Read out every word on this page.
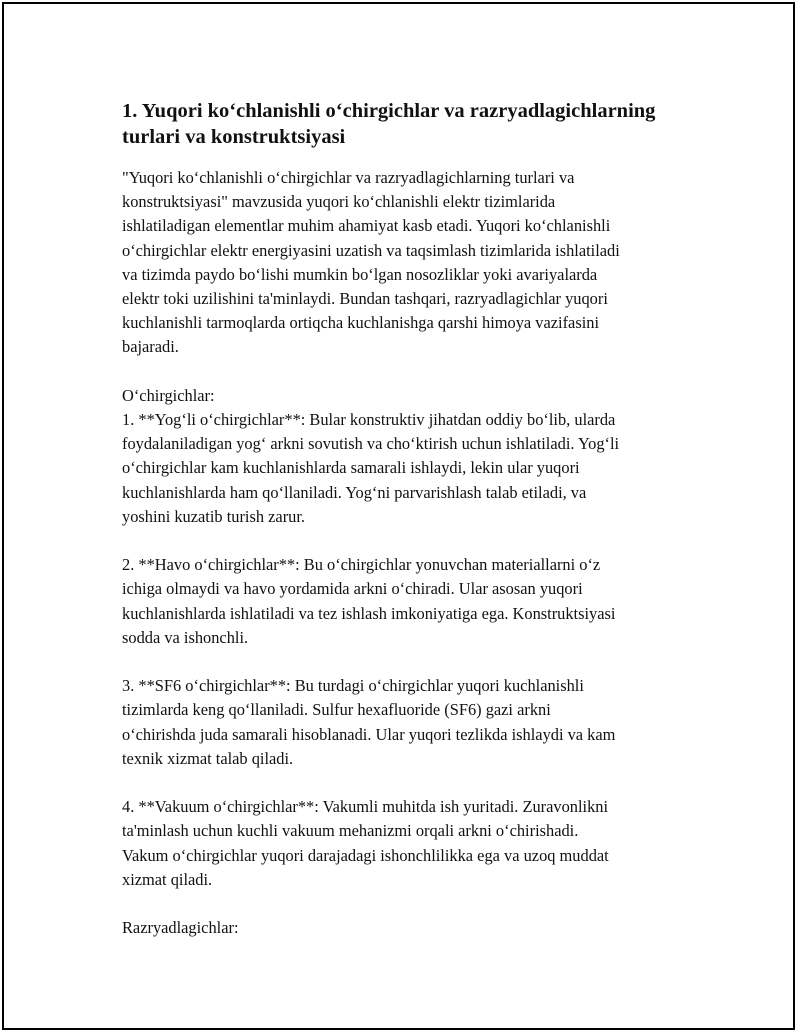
1. Yuqori ko‘chlanishli o‘chirgichlar va razryadlagichlarning
turlari va konstruktsiyasi

"Yuqori ko‘chlanishli o‘chirgichlar va razryadlagichlarning turlari va
konstruktsiyasi" mavzusida yuqori ko‘chlanishli elektr tizimlarida
ishlatiladigan elementlar muhim ahamiyat kasb etadi. Yuqori ko‘chlanishli
o‘chirgichlar elektr energiyasini uzatish va taqsimlash tizimlarida ishlatiladi
va tizimda paydo bo‘lishi mumkin bo‘lgan nosozliklar yoki avariyalarda
elektr toki uzilishini ta'minlaydi. Bundan tashqari, razryadlagichlar yuqori
kuchlanishli tarmoqlarda ortiqcha kuchlanishga qarshi himoya vazifasini
bajaradi.

O‘chirgichlar:
1. **Yog‘li o‘chirgichlar**: Bular konstruktiv jihatdan oddiy bo‘lib, ularda
foydalaniladigan yog‘ arkni sovutish va cho‘ktirish uchun ishlatiladi. Yog‘li
o‘chirgichlar kam kuchlanishlarda samarali ishlaydi, lekin ular yuqori
kuchlanishlarda ham qo‘llaniladi. Yog‘ni parvarishlash talab etiladi, va
yoshini kuzatib turish zarur.

2. **Havo o‘chirgichlar**: Bu o‘chirgichlar yonuvchan materiallarni o‘z
ichiga olmaydi va havo yordamida arkni o‘chiradi. Ular asosan yuqori
kuchlanishlarda ishlatiladi va tez ishlash imkoniyatiga ega. Konstruktsiyasi
sodda va ishonchli.

3. **SF6 o‘chirgichlar**: Bu turdagi o‘chirgichlar yuqori kuchlanishli
tizimlarda keng qo‘llaniladi. Sulfur hexafluoride (SF6) gazi arkni
o‘chirishda juda samarali hisoblanadi. Ular yuqori tezlikda ishlaydi va kam
texnik xizmat talab qiladi.

4. **Vakuum o‘chirgichlar**: Vakumli muhitda ish yuritadi. Zuravonlikni
ta'minlash uchun kuchli vakuum mehanizmi orqali arkni o‘chirishadi.
Vakum o‘chirgichlar yuqori darajadagi ishonchlilikka ega va uzoq muddat
xizmat qiladi.

Razryadlagichlar:
